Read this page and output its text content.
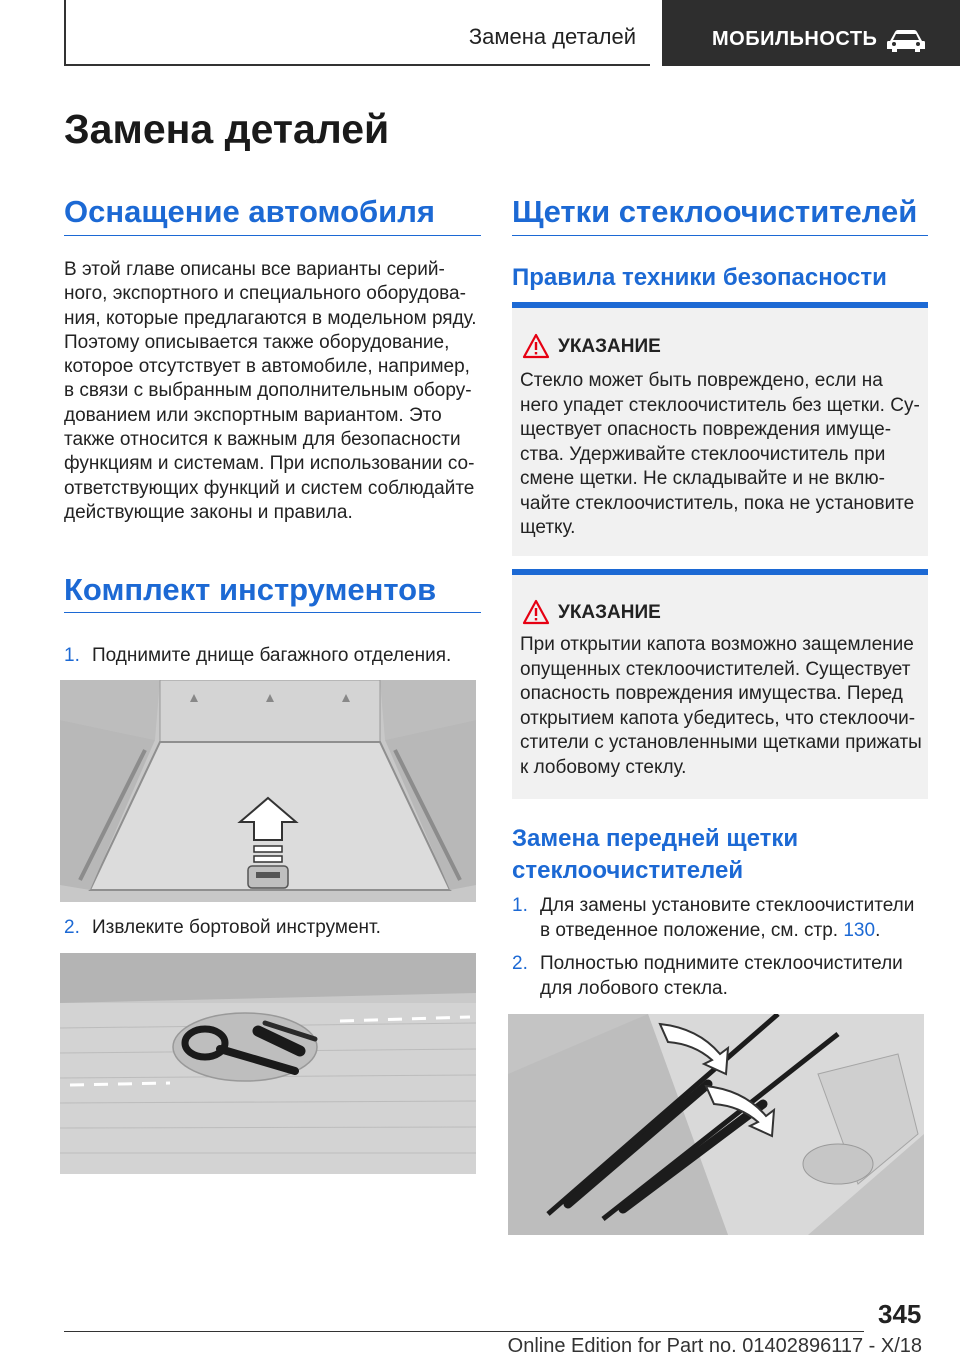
Замена деталей	МОБИЛЬНОСТЬ
Замена деталей
Оснащение автомобиля
В этой главе описаны все варианты серий-
ного, экспортного и специального оборудова-
ния, которые предлагаются в модельном ряду.
Поэтому описывается также оборудование,
которое отсутствует в автомобиле, например,
в связи с выбранным дополнительным обору-
дованием или экспортным вариантом. Это
также относится к важным для безопасности
функциям и системам. При использовании со-
ответствующих функций и систем соблюдайте
действующие законы и правила.
Комплект инструментов
1. Поднимите днище багажного отделения.
2. Извлеките бортовой инструмент.
Щетки стеклоочистителей
Правила техники безопасности
УКАЗАНИЕ
Стекло может быть повреждено, если на
него упадет стеклоочиститель без щетки. Су-
ществует опасность повреждения имуще-
ства. Удерживайте стеклоочиститель при
смене щетки. Не складывайте и не вклю-
чайте стеклоочиститель, пока не установите
щетку.
УКАЗАНИЕ
При открытии капота возможно защемление
опущенных стеклоочистителей. Существует
опасность повреждения имущества. Перед
открытием капота убедитесь, что стеклоочи-
стители с установленными щетками прижаты
к лобовому стеклу.
Замена передней щетки
стеклоочистителей
1. Для замены установите стеклоочистители
в отведенное положение, см. стр. 130.
2. Полностью поднимите стеклоочистители
для лобового стекла.
345
Online Edition for Part no. 01402896117 - X/18
